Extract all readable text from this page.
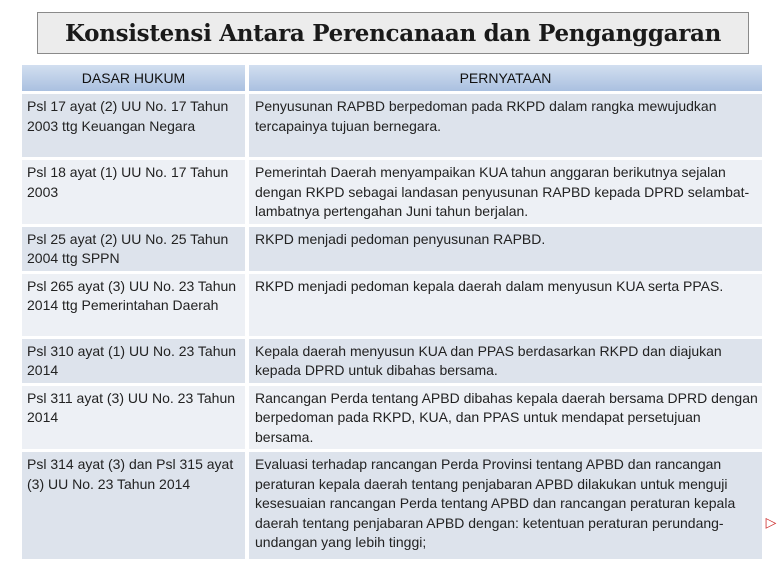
Konsistensi Antara Perencanaan dan Penganggaran
DASAR HUKUM	PERNYATAAN
Psl 17 ayat (2) UU No. 17 Tahun 2003 ttg Keuangan Negara	Penyusunan RAPBD berpedoman pada RKPD dalam rangka mewujudkan tercapainya tujuan bernegara.
Psl 18 ayat (1) UU No. 17 Tahun 2003	Pemerintah Daerah menyampaikan KUA tahun anggaran berikutnya sejalan dengan RKPD sebagai landasan penyusunan RAPBD kepada DPRD selambat-lambatnya pertengahan Juni tahun berjalan.
Psl 25 ayat (2) UU No. 25 Tahun 2004 ttg SPPN	RKPD menjadi pedoman penyusunan RAPBD.
Psl 265 ayat (3) UU No. 23 Tahun 2014 ttg Pemerintahan Daerah	RKPD menjadi pedoman kepala daerah dalam menyusun KUA serta PPAS.
Psl 310 ayat (1) UU No. 23 Tahun 2014	Kepala daerah menyusun KUA dan PPAS berdasarkan RKPD dan diajukan kepada DPRD untuk dibahas bersama.
Psl 311 ayat (3) UU No. 23 Tahun 2014	Rancangan Perda tentang APBD dibahas kepala daerah bersama DPRD dengan berpedoman pada RKPD, KUA, dan PPAS untuk mendapat persetujuan bersama.
Psl 314 ayat (3) dan Psl 315 ayat (3) UU No. 23 Tahun 2014	Evaluasi terhadap rancangan Perda Provinsi tentang APBD dan rancangan peraturan kepala daerah tentang penjabaran APBD dilakukan untuk menguji kesesuaian rancangan Perda tentang APBD dan rancangan peraturan kepala daerah tentang penjabaran APBD dengan: ketentuan peraturan perundang-undangan yang lebih tinggi;
▷
